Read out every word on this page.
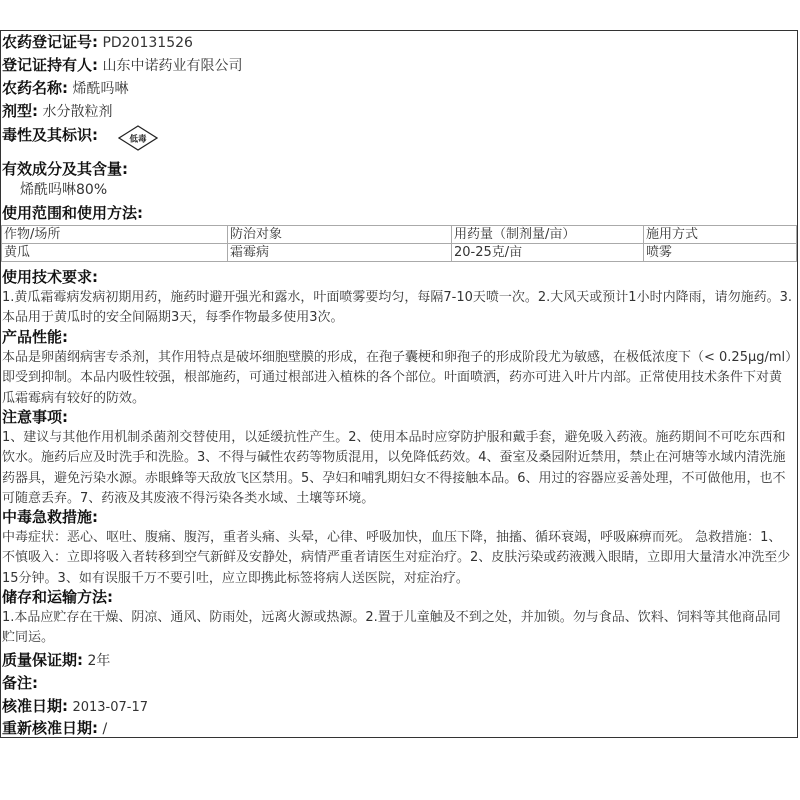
农药登记证号: PD20131526
登记证持有人: 山东中诺药业有限公司
农药名称: 烯酰吗啉
剂型: 水分散粒剂
毒性及其标识:	低毒
有效成分及其含量:
烯酰吗啉80%
使用范围和使用方法:
作物/场所	防治对象	用药量（制剂量/亩）	施用方式
黄瓜	霜霉病	20-25克/亩	喷雾
使用技术要求:
1.黄瓜霜霉病发病初期用药，施药时避开强光和露水，叶面喷雾要均匀，每隔7-10天喷一次。2.大风天或预计1小时内降雨，请勿施药。3.本品用于黄瓜时的安全间隔期3天，每季作物最多使用3次。
产品性能:
本品是卵菌纲病害专杀剂，其作用特点是破坏细胞壁膜的形成，在孢子囊梗和卵孢子的形成阶段尤为敏感，在极低浓度下（< 0.25μg/ml）即受到抑制。本品内吸性较强，根部施药，可通过根部进入植株的各个部位。叶面喷洒，药亦可进入叶片内部。正常使用技术条件下对黄瓜霜霉病有较好的防效。
注意事项:
1、建议与其他作用机制杀菌剂交替使用，以延缓抗性产生。2、使用本品时应穿防护服和戴手套，避免吸入药液。施药期间不可吃东西和饮水。施药后应及时洗手和洗脸。3、不得与碱性农药等物质混用，以免降低药效。4、蚕室及桑园附近禁用，禁止在河塘等水域内清洗施药器具，避免污染水源。赤眼蜂等天敌放飞区禁用。5、孕妇和哺乳期妇女不得接触本品。6、用过的容器应妥善处理，不可做他用，也不可随意丢弃。7、药液及其废液不得污染各类水域、土壤等环境。
中毒急救措施:
中毒症状：恶心、呕吐、腹痛、腹泻，重者头痛、头晕，心律、呼吸加快，血压下降，抽搐、循环衰竭，呼吸麻痹而死。 急救措施：1、不慎吸入：立即将吸入者转移到空气新鲜及安静处，病情严重者请医生对症治疗。2、皮肤污染或药液溅入眼睛，立即用大量清水冲洗至少15分钟。3、如有误服千万不要引吐，应立即携此标签将病人送医院，对症治疗。
储存和运输方法:
1.本品应贮存在干燥、阴凉、通风、防雨处，远离火源或热源。2.置于儿童触及不到之处，并加锁。勿与食品、饮料、饲料等其他商品同贮同运。
质量保证期: 2年
备注:
核准日期: 2013-07-17
重新核准日期: /
